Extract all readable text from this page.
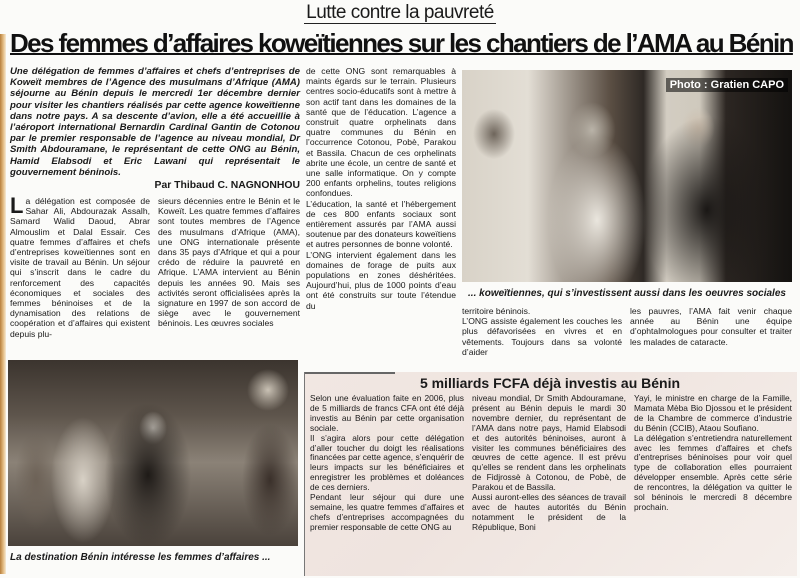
Lutte contre la pauvreté
Des femmes d’affaires koweïtiennes sur les chantiers de l’AMA au Bénin
Une délégation de femmes d’affaires et chefs d’entreprises de Koweït membres de l’Agence des musulmans d’Afrique (AMA) séjourne au Bénin depuis le mercredi 1er décembre dernier pour visiter les chantiers réalisés par cette agence koweïtienne dans notre pays. A sa descente d’avion, elle a été accueillie à l’aéroport international Bernardin Cardinal Gantin de Cotonou par le premier responsable de l’agence au niveau mondial, Dr Smith Abdouramane, le représentant de cette ONG au Bénin, Hamid Elabsodi et Eric Lawani qui représentait le gouvernement béninois.
Par Thibaud C. NAGNONHOU
La délégation est composée de Sahar Ali, Abdourazak Assalh, Samard Walid Daoud, Abrar Almouslim et Dalal Essair. Ces quatre femmes d’affaires et chefs d’entreprises koweïtiennes sont en visite de travail au Bénin. Un séjour qui s’inscrit dans le cadre du renforcement des capacités économiques et sociales des femmes béninoises et de la dynamisation des relations de coopération et d’affaires qui existent depuis plu-
sieurs décennies entre le Bénin et le Koweït. Les quatre femmes d’affaires sont toutes membres de l’Agence des musulmans d’Afrique (AMA), une ONG internationale présente dans 35 pays d’Afrique et qui a pour crédo de réduire la pauvreté en Afrique. L’AMA intervient au Bénin depuis les années 90. Mais ses activités seront officialisées après la signature en 1997 de son accord de siège avec le gouvernement béninois. Les œuvres sociales

de cette ONG sont remarquables à maints égards sur le terrain. Plusieurs centres socio-éducatifs sont à mettre à son actif tant dans les domaines de la santé que de l’éducation. L’agence a construit quatre orphelinats dans quatre communes du Bénin en l’occurrence Cotonou, Pobè, Parakou et Bassila. Chacun de ces orphelinats abrite une école, un centre de santé et une salle informatique. On y compte 200 enfants orphelins, toutes religions confondues.

L’éducation, la santé et l’hébergement de ces 800 enfants sociaux sont entièrement assurés par l’AMA aussi soutenue par des donateurs koweïtiens et autres personnes de bonne volonté.

L’ONG intervient également dans les domaines de forage de puits aux populations en zones déshéritées. Aujourd’hui, plus de 1000 points d’eau ont été construits sur toute l’étendue du

Photo : Gratien CAPO
... koweïtiennes, qui s’investissent aussi dans les oeuvres sociales

territoire béninois.

L’ONG assiste également les couches les plus défavorisées en vivres et en vêtements. Toujours dans sa volonté d’aider

les pauvres, l’AMA fait venir chaque année au Bénin une équipe d’ophtalmologues pour consulter et traiter les malades de cataracte.
La destination Bénin intéresse les femmes d’affaires ...
5 milliards FCFA déjà investis au Bénin

Selon une évaluation faite en 2006, plus de 5 milliards de francs CFA ont été déjà investis au Bénin par cette organisation sociale.

Il s’agira alors pour cette délégation d’aller toucher du doigt les réalisations financées par cette agence, s’enquérir de leurs impacts sur les bénéficiaires et enregistrer les problèmes et doléances de ces derniers.

Pendant leur séjour qui dure une semaine, les quatre femmes d’affaires et chefs d’entreprises accompagnées du premier responsable de cette ONG au

niveau mondial, Dr Smith Abdouramane, présent au Bénin depuis le mardi 30 novembre dernier, du représentant de l’AMA dans notre pays, Hamid Elabsodi et des autorités béninoises, auront à visiter les communes bénéficiaires des œuvres de cette agence. Il est prévu qu’elles se rendent dans les orphelinats de Fidjrossè à Cotonou, de Pobè, de Parakou et de Bassila.

Aussi auront-elles des séances de travail avec de hautes autorités du Bénin notamment le président de la République, Boni

Yayi, le ministre en charge de la Famille, Mamata Mèba Bio Djossou et le président de la Chambre de commerce d’industrie du Bénin (CCIB), Ataou Soufiano.

La délégation s’entretiendra naturellement avec les femmes d’affaires et chefs d’entreprises béninoises pour voir quel type de collaboration elles pourraient développer ensemble. Après cette série de rencontres, la délégation va quitter le sol béninois le mercredi 8 décembre prochain.
